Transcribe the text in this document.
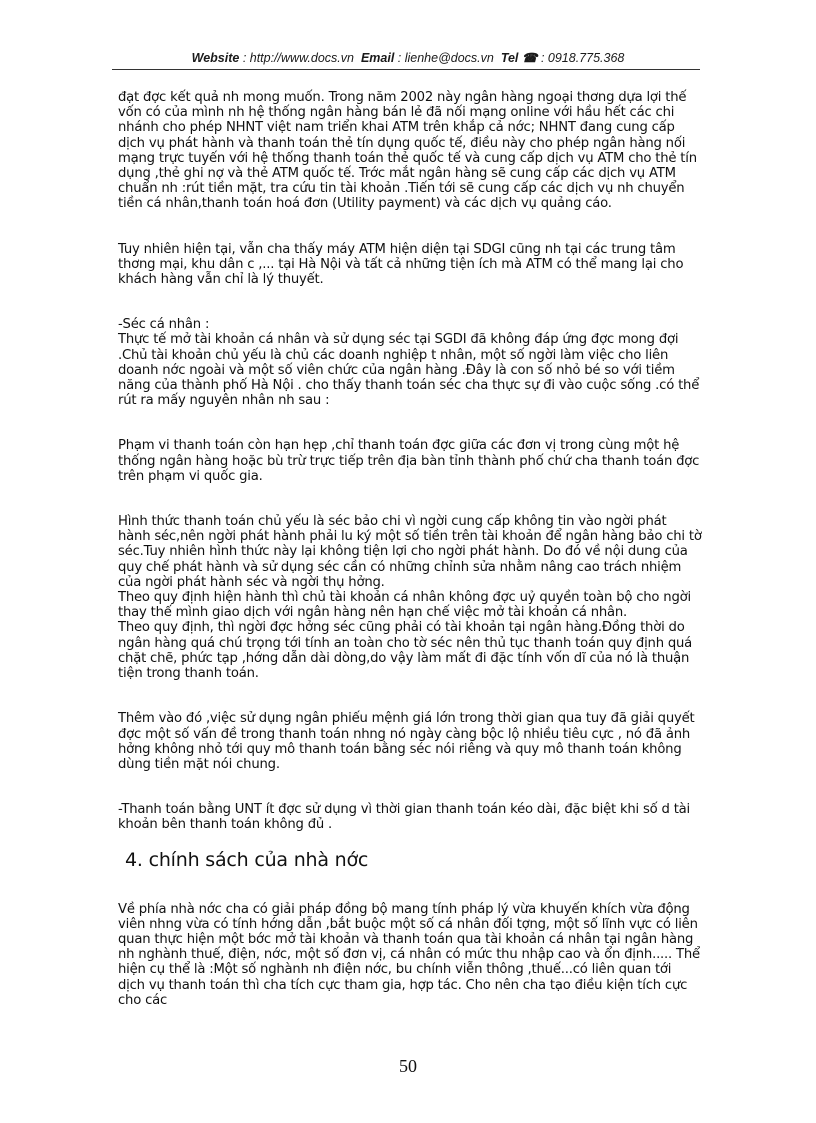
Website : http://www.docs.vn Email : lienhe@docs.vn Tel ☎ : 0918.775.368

đạt đợc kết quả nh mong muốn. Trong năm 2002 này ngân hàng ngoại thơng dựa lợi thế vốn có của mình nh hệ thống ngân hàng bán lẻ đã nối mạng online với hầu hết các chi nhánh cho phép NHNT việt nam triển khai ATM trên khắp cả nớc; NHNT đang cung cấp dịch vụ phát hành và thanh toán thẻ tín dụng quốc tế, điều này cho phép ngân hàng nối mạng trực tuyến với hệ thống thanh toán thẻ quốc tế và cung cấp dịch vụ ATM cho thẻ tín dụng ,thẻ ghi nợ và thẻ ATM quốc tế. Trớc mắt ngân hàng sẽ cung cấp các dịch vụ ATM chuẩn nh :rút tiền mặt, tra cứu tin tài khoản .Tiến tới sẽ cung cấp các dịch vụ nh chuyển tiền cá nhân,thanh toán hoá đơn (Utility payment) và các dịch vụ quảng cáo.

Tuy nhiên hiện tại, vẫn cha thấy máy ATM hiện diện tại SDGI cũng nh tại các trung tâm thơng mại, khu dân c ,... tại Hà Nội và tất cả những tiện ích mà ATM có thể mang lại cho khách hàng vẫn chỉ là lý thuyết.

-Séc cá nhân :

Thực tế mở tài khoản cá nhân và sử dụng séc tại SGDI đã không đáp ứng đợc mong đợi .Chủ tài khoản chủ yếu là chủ các doanh nghiệp t nhân, một số ngời làm việc cho liên doanh nớc ngoài và một số viên chức của ngân hàng .Đây là con số nhỏ bé so với tiềm năng của thành phố Hà Nội . cho thấy thanh toán séc cha thực sự đi vào cuộc sống .có thể rút ra mấy nguyên nhân nh sau :

Phạm vi thanh toán còn hạn hẹp ,chỉ thanh toán đợc giữa các đơn vị trong cùng một hệ thống ngân hàng hoặc bù trừ trực tiếp trên địa bàn tỉnh thành phố chứ cha thanh toán đợc trên phạm vi quốc gia.

Hình thức thanh toán chủ yếu là séc bảo chi vì ngời cung cấp không tin vào ngời phát hành séc,nên ngời phát hành phải lu ký một số tiền trên tài khoản để ngân hàng bảo chi tờ séc.Tuy nhiên hình thức này lại không tiện lợi cho ngời phát hành. Do đó về nội dung của quy chế phát hành và sử dụng séc cần có những chỉnh sửa nhằm nâng cao trách nhiệm của ngời phát hành séc và ngời thụ hởng.

Theo quy định hiện hành thì chủ tài khoản cá nhân không đợc uỷ quyền toàn bộ cho ngời thay thế mình giao dịch với ngân hàng nên hạn chế việc mở tài khoản cá nhân.

Theo quy định, thì ngời đợc hởng séc cũng phải có tài khoản tại ngân hàng.Đồng thời do ngân hàng quá chú trọng tới tính an toàn cho tờ séc nên thủ tục thanh toán quy định quá chặt chẽ, phức tạp ,hớng dẫn dài dòng,do vậy làm mất đi đặc tính vốn dĩ của nó là thuận tiện trong thanh toán.

Thêm vào đó ,việc sử dụng ngân phiếu mệnh giá lớn trong thời gian qua tuy đã giải quyết đợc một số vấn đề trong thanh toán nhng nó ngày càng bộc lộ nhiều tiêu cực , nó đã ảnh hởng không nhỏ tới quy mô thanh toán bằng séc nói riêng và quy mô thanh toán không dùng tiền mặt nói chung.

-Thanh toán bằng UNT ít đợc sử dụng vì thời gian thanh toán kéo dài, đặc biệt khi số d tài khoản bên thanh toán không đủ .

4. chính sách của nhà nớc

Về phía nhà nớc cha có giải pháp đồng bộ mang tính pháp lý vừa khuyến khích vừa động viên nhng vừa có tính hớng dẫn ,bắt buộc một số cá nhân đối tợng, một số lĩnh vực có liên quan thực hiện một bớc mở tài khoản và thanh toán qua tài khoản cá nhân tại ngân hàng nh nghành thuế, điện, nớc, một số đơn vị, cá nhân có mức thu nhập cao và ổn định..... Thể hiện cụ thể là :Một số nghành nh điện nớc, bu chính viễn thông ,thuế...có liên quan tới dịch vụ thanh toán thì cha tích cực tham gia, hợp tác. Cho nên cha tạo điều kiện tích cực cho các

50
